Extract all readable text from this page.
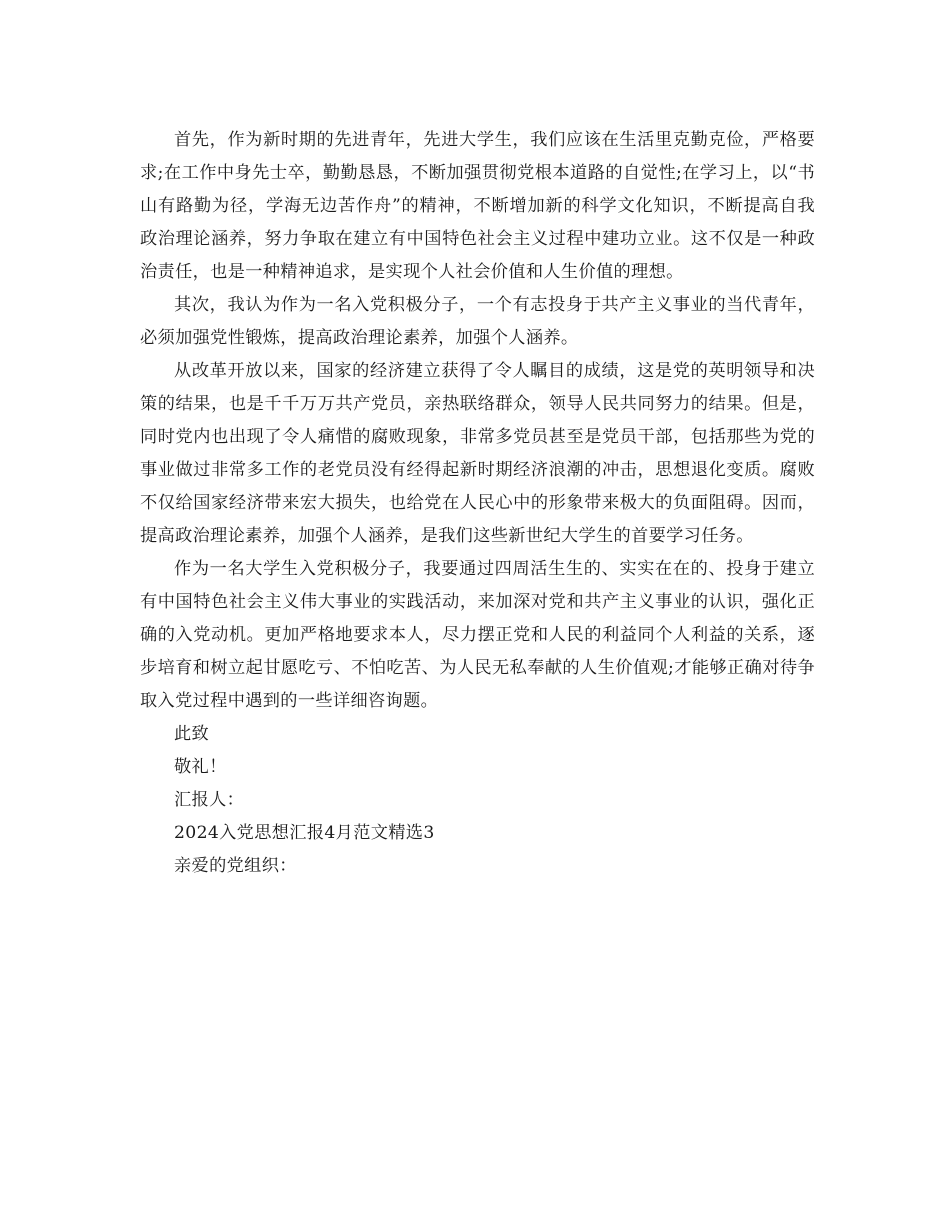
首先，作为新时期的先进青年，先进大学生，我们应该在生活里克勤克俭，严格要求;在工作中身先士卒，勤勤恳恳，不断加强贯彻党根本道路的自觉性;在学习上，以“书山有路勤为径，学海无边苦作舟”的精神，不断增加新的科学文化知识，不断提高自我政治理论涵养，努力争取在建立有中国特色社会主义过程中建功立业。这不仅是一种政治责任，也是一种精神追求，是实现个人社会价值和人生价值的理想。

其次，我认为作为一名入党积极分子，一个有志投身于共产主义事业的当代青年，必须加强党性锻炼，提高政治理论素养，加强个人涵养。

从改革开放以来，国家的经济建立获得了令人瞩目的成绩，这是党的英明领导和决策的结果，也是千千万万共产党员，亲热联络群众，领导人民共同努力的结果。但是，同时党内也出现了令人痛惜的腐败现象，非常多党员甚至是党员干部，包括那些为党的事业做过非常多工作的老党员没有经得起新时期经济浪潮的冲击，思想退化变质。腐败不仅给国家经济带来宏大损失，也给党在人民心中的形象带来极大的负面阻碍。因而，提高政治理论素养，加强个人涵养，是我们这些新世纪大学生的首要学习任务。

作为一名大学生入党积极分子，我要通过四周活生生的、实实在在的、投身于建立有中国特色社会主义伟大事业的实践活动，来加深对党和共产主义事业的认识，强化正确的入党动机。更加严格地要求本人，尽力摆正党和人民的利益同个人利益的关系，逐步培育和树立起甘愿吃亏、不怕吃苦、为人民无私奉献的人生价值观;才能够正确对待争取入党过程中遇到的一些详细咨询题。

此致

敬礼！

汇报人：

2024入党思想汇报4月范文精选3

亲爱的党组织：
